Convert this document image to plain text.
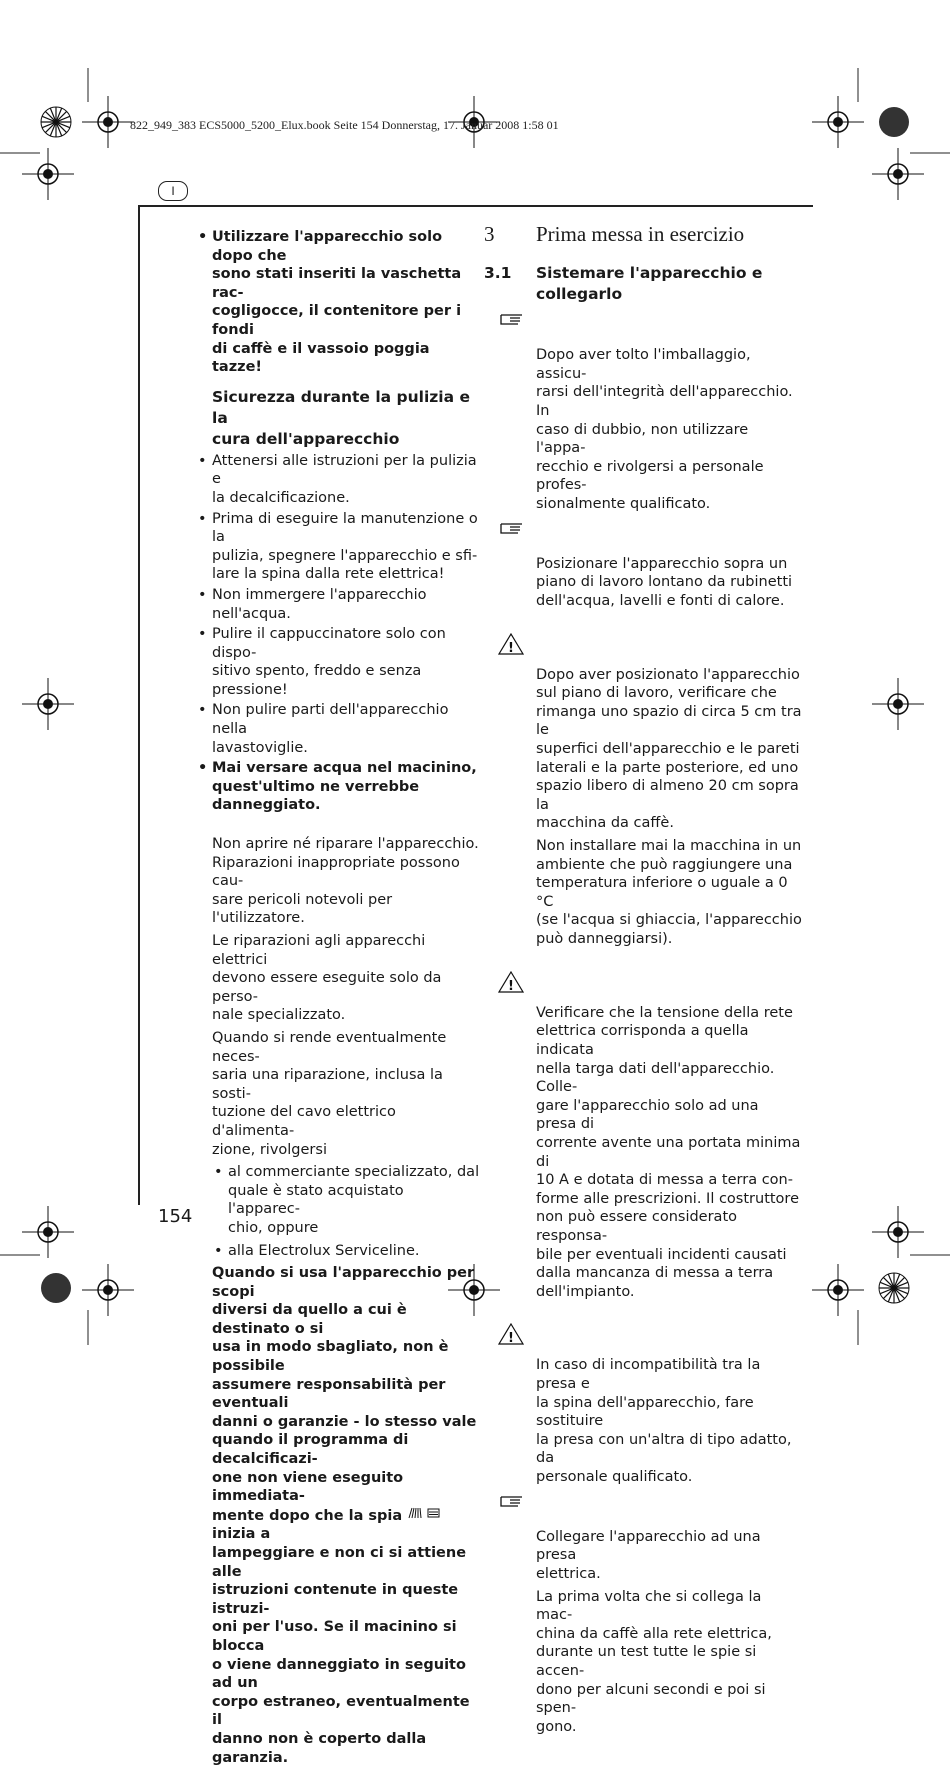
822_949_383 ECS5000_5200_Elux.book Seite 154 Donnerstag, 17. Januar 2008 1:58 01
I
• Utilizzare l'apparecchio solo dopo che
sono stati inseriti la vaschetta rac-
cogligocce, il contenitore per i fondi
di caffè e il vassoio poggia tazze!
Sicurezza durante la pulizia e la
cura dell'apparecchio
• Attenersi alle istruzioni per la pulizia e
la decalcificazione.
• Prima di eseguire la manutenzione o la
pulizia, spegnere l'apparecchio e sfi-
lare la spina dalla rete elettrica!
• Non immergere l'apparecchio
nell'acqua.
• Pulire il cappuccinatore solo con dispo-
sitivo spento, freddo e senza pressione!
• Non pulire parti dell'apparecchio nella
lavastoviglie.
• Mai versare acqua nel macinino,
quest'ultimo ne verrebbe danneggiato.
Non aprire né riparare l'apparecchio.
Riparazioni inappropriate possono cau-
sare pericoli notevoli per l'utilizzatore.
Le riparazioni agli apparecchi elettrici
devono essere eseguite solo da perso-
nale specializzato.
Quando si rende eventualmente neces-
saria una riparazione, inclusa la sosti-
tuzione del cavo elettrico d'alimenta-
zione, rivolgersi
• al commerciante specializzato, dal
quale è stato acquistato l'apparec-
chio, oppure
• alla Electrolux Serviceline.
Quando si usa l'apparecchio per scopi
diversi da quello a cui è destinato o si
usa in modo sbagliato, non è possibile
assumere responsabilità per eventuali
danni o garanzie - lo stesso vale
quando il programma di decalcificazi-
one non viene eseguito immediata-
mente dopo che la spia  inizia a
lampeggiare e non ci si attiene alle
istruzioni contenute in queste istruzi-
oni per l'uso. Se il macinino si blocca
o viene danneggiato in seguito ad un
corpo estraneo, eventualmente il
danno non è coperto dalla garanzia.
3 Prima messa in esercizio
3.1 Sistemare l'apparecchio e
collegarlo

Dopo aver tolto l'imballaggio, assicu-
rarsi dell'integrità dell'apparecchio. In
caso di dubbio, non utilizzare l'appa-
recchio e rivolgersi a personale profes-
sionalmente qualificato.

Posizionare l'apparecchio sopra un
piano di lavoro lontano da rubinetti
dell'acqua, lavelli e fonti di calore.

!

Dopo aver posizionato l'apparecchio
sul piano di lavoro, verificare che
rimanga uno spazio di circa 5 cm tra le
superfici dell'apparecchio e le pareti
laterali e la parte posteriore, ed uno
spazio libero di almeno 20 cm sopra la
macchina da caffè.

Non installare mai la macchina in un
ambiente che può raggiungere una
temperatura inferiore o uguale a 0 °C
(se l'acqua si ghiaccia, l'apparecchio
può danneggiarsi).

!

Verificare che la tensione della rete
elettrica corrisponda a quella indicata
nella targa dati dell'apparecchio. Colle-
gare l'apparecchio solo ad una presa di
corrente avente una portata minima di
10 A e dotata di messa a terra con-
forme alle prescrizioni. Il costruttore
non può essere considerato responsa-
bile per eventuali incidenti causati
dalla mancanza di messa a terra
dell'impianto.

!

In caso di incompatibilità tra la presa e
la spina dell'apparecchio, fare sostituire
la presa con un'altra di tipo adatto, da
personale qualificato.

Collegare l'apparecchio ad una presa
elettrica.

La prima volta che si collega la mac-
china da caffè alla rete elettrica,
durante un test tutte le spie si accen-
dono per alcuni secondi e poi si spen-
gono.
154
